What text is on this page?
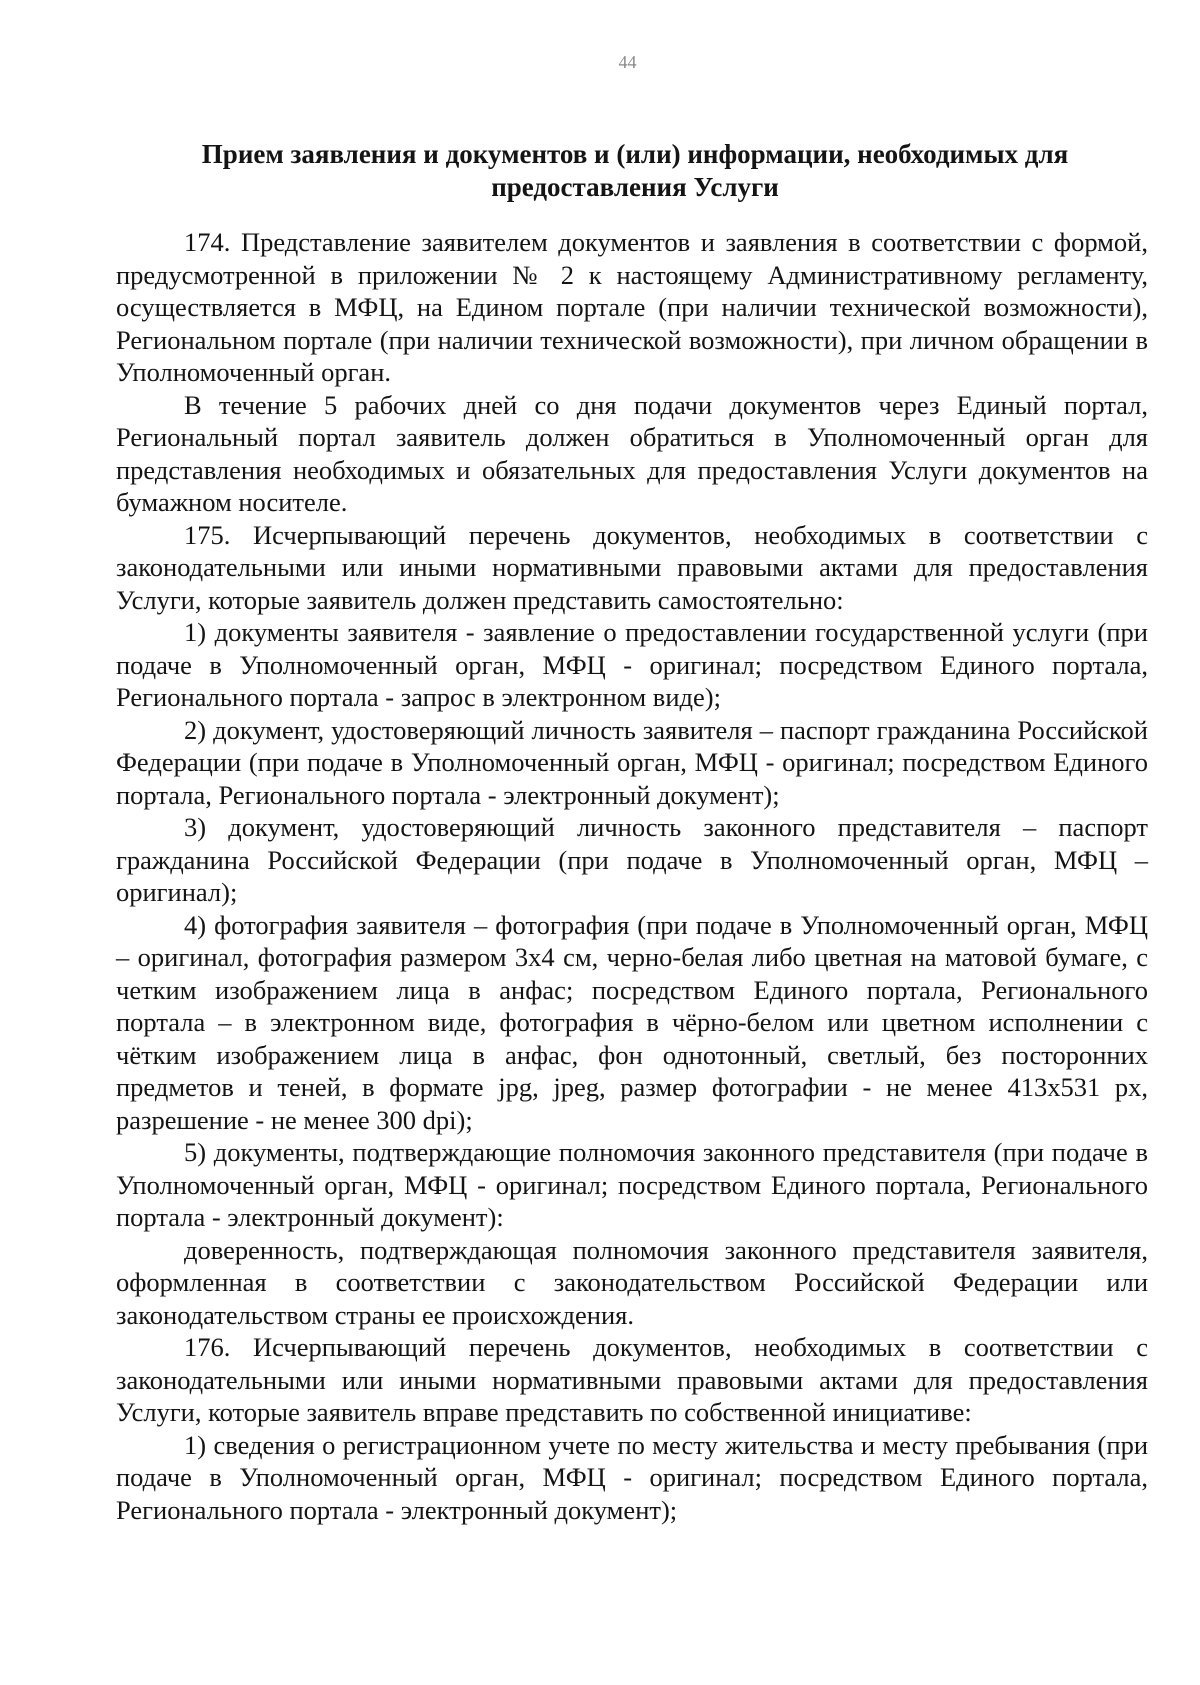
44
Прием заявления и документов и (или) информации, необходимых для предоставления Услуги

174. Представление заявителем документов и заявления в соответствии с формой, предусмотренной в приложении № 2 к настоящему Административному регламенту, осуществляется в МФЦ, на Едином портале (при наличии технической возможности), Региональном портале (при наличии технической возможности), при личном обращении в Уполномоченный орган.

В течение 5 рабочих дней со дня подачи документов через Единый портал, Региональный портал заявитель должен обратиться в Уполномоченный орган для представления необходимых и обязательных для предоставления Услуги документов на бумажном носителе.

175. Исчерпывающий перечень документов, необходимых в соответствии с законодательными или иными нормативными правовыми актами для предоставления Услуги, которые заявитель должен представить самостоятельно:

1) документы заявителя - заявление о предоставлении государственной услуги (при подаче в Уполномоченный орган, МФЦ - оригинал; посредством Единого портала, Регионального портала - запрос в электронном виде);

2) документ, удостоверяющий личность заявителя – паспорт гражданина Российской Федерации (при подаче в Уполномоченный орган, МФЦ - оригинал; посредством Единого портала, Регионального портала - электронный документ);

3) документ, удостоверяющий личность законного представителя – паспорт гражданина Российской Федерации (при подаче в Уполномоченный орган, МФЦ – оригинал);

4) фотография заявителя – фотография (при подаче в Уполномоченный орган, МФЦ – оригинал, фотография размером 3x4 см, черно-белая либо цветная на матовой бумаге, с четким изображением лица в анфас; посредством Единого портала, Регионального портала – в электронном виде, фотография в чёрно-белом или цветном исполнении с чётким изображением лица в анфас, фон однотонный, светлый, без посторонних предметов и теней, в формате jpg, jpeg, размер фотографии - не менее 413x531 px, разрешение - не менее 300 dpi);

5) документы, подтверждающие полномочия законного представителя (при подаче в Уполномоченный орган, МФЦ - оригинал; посредством Единого портала, Регионального портала - электронный документ):

доверенность, подтверждающая полномочия законного представителя заявителя, оформленная в соответствии с законодательством Российской Федерации или законодательством страны ее происхождения.

176. Исчерпывающий перечень документов, необходимых в соответствии с законодательными или иными нормативными правовыми актами для предоставления Услуги, которые заявитель вправе представить по собственной инициативе:

1) сведения о регистрационном учете по месту жительства и месту пребывания (при подаче в Уполномоченный орган, МФЦ - оригинал; посредством Единого портала, Регионального портала - электронный документ);
